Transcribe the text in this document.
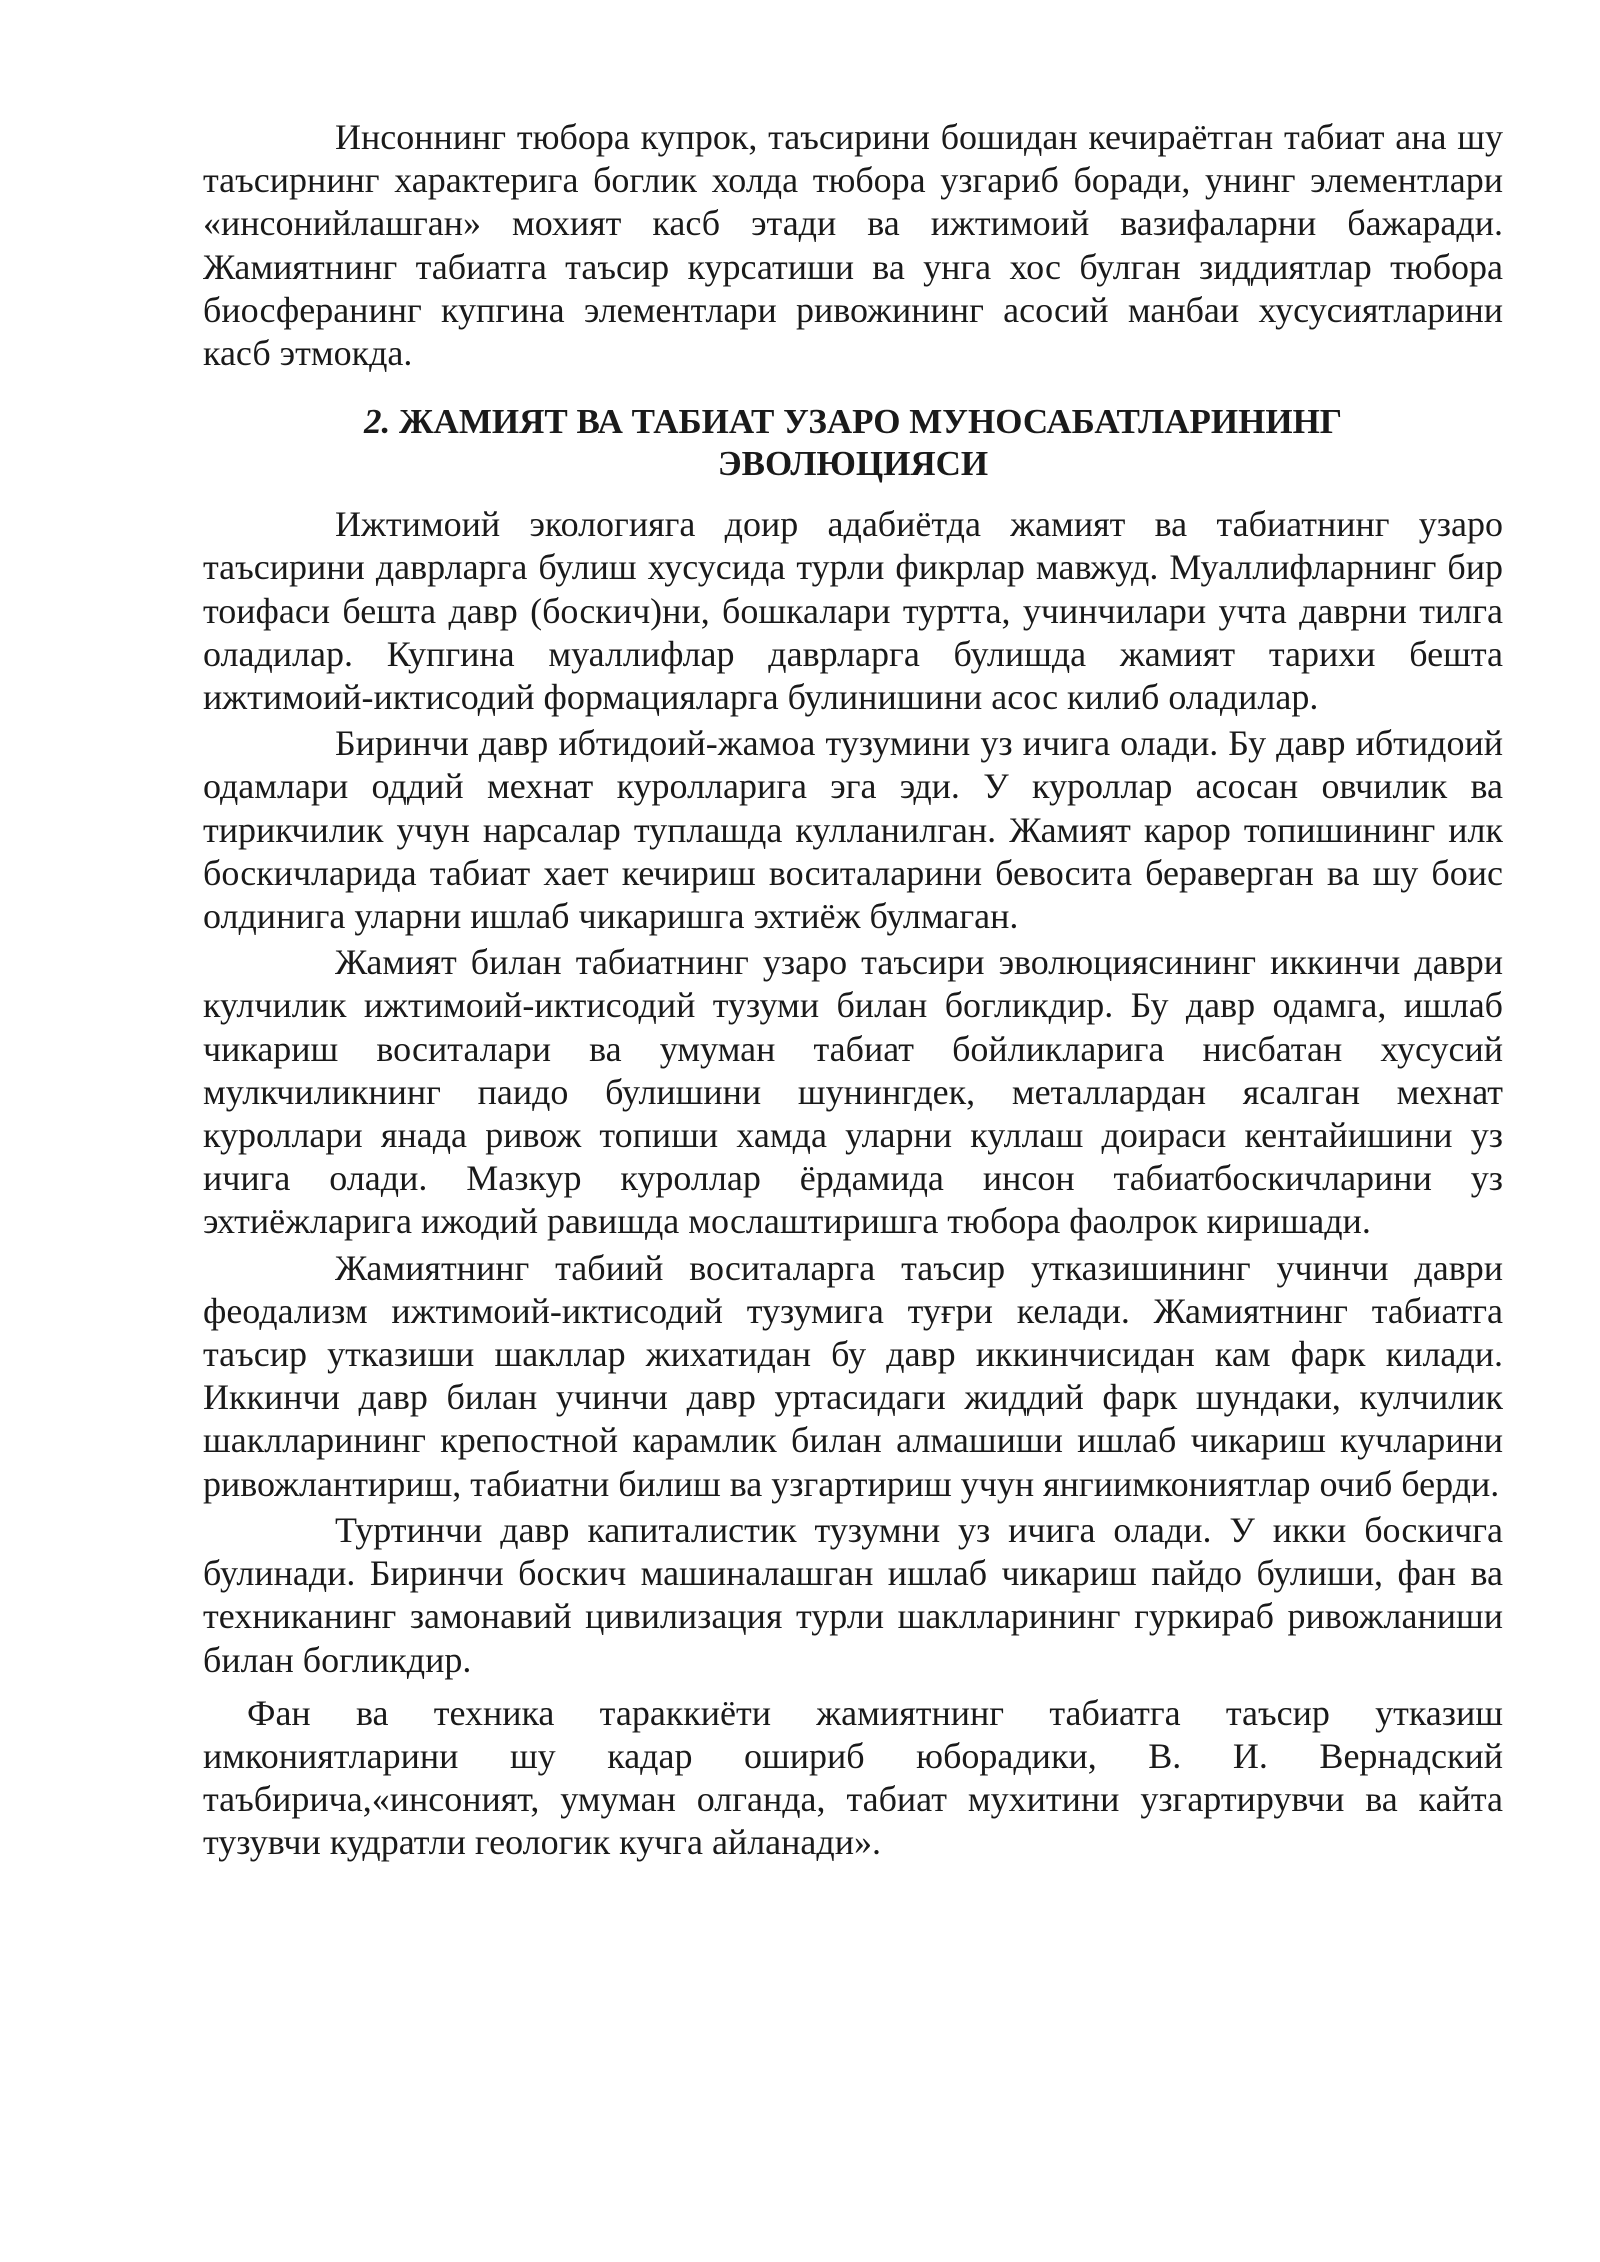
Инсоннинг тюбора купрок, таъсирини бошидан кечираётган табиат ана шу таъсирнинг характерига боглик холда тюбора узгариб боради, унинг элементлари «инсонийлашган» мохият касб этади ва ижтимоий вазифаларни бажаради. Жамиятнинг табиатга таъсир курсатиши ва унга хос булган зиддиятлар тюбора биосферанинг купгина элементлари ривожининг асосий манбаи хусусиятларини касб этмокда.

2. ЖАМИЯТ ВА ТАБИАТ УЗАРО МУНОСАБАТЛАРИНИНГ
ЭВОЛЮЦИЯСИ

Ижтимоий экологияга доир адабиётда жамият ва табиатнинг узаро таъсирини даврларга булиш хусусида турли фикрлар мавжуд. Муаллифларнинг бир тоифаси бешта давр (боскич)ни, бошкалари туртта, учинчилари учта даврни тилга оладилар. Купгина муаллифлар даврларга булишда жамият тарихи бешта ижтимоий-иктисодий формацияларга булинишини асос килиб оладилар.

Биринчи давр ибтидоий-жамоа тузумини уз ичига олади. Бу давр ибтидоий одамлари оддий мехнат куролларига эга эди. У куроллар асосан овчилик ва тирикчилик учун нарсалар туплашда кулланилган. Жамият карор топишининг илк боскичларида табиат хает кечириш воситаларини бевосита бераверган ва шу боис олдинига уларни ишлаб чикаришга эхтиёж булмаган.

Жамият билан табиатнинг узаро таъсири эволюциясининг иккинчи даври кулчилик ижтимоий-иктисодий тузуми билан богликдир. Бу давр одамга, ишлаб чикариш воситалари ва умуман табиат бойликларига нисбатан хусусий мулкчиликнинг паидо булишини шунингдек, металлардан ясалган мехнат куроллари янада ривож топиши хамда уларни куллаш доираси кентайишини уз ичига олади. Мазкур куроллар ёрдамида инсон табиатбоскичларини уз эхтиёжларига ижодий равишда мослаштиришга тюбора фаолрок киришади.

Жамиятнинг табиий воситаларга таъсир утказишининг учинчи даври феодализм ижтимоий-иктисодий тузумига туғри келади. Жамиятнинг табиатга таъсир утказиши шакллар жихатидан бу давр иккинчисидан кам фарк килади. Иккинчи давр билан учинчи давр уртасидаги жиддий фарк шундаки, кулчилик шаклларининг крепостной карамлик билан алмашиши ишлаб чикариш кучларини ривожлантириш, табиатни билиш ва узгартириш учун янгиимкониятлар очиб берди.

Туртинчи давр капиталистик тузумни уз ичига олади. У икки боскичга булинади. Биринчи боскич машиналашган ишлаб чикариш пайдо булиши, фан ва техниканинг замонавий цивилизация турли шаклларининг гуркираб ривожланиши билан богликдир.

Фан ва техника тараккиёти жамиятнинг табиатга таъсир утказиш имкониятларини шу кадар ошириб юборадики, В. И. Вернадский таъбирича,«инсоният, умуман олганда, табиат мухитини узгартирувчи ва кайта тузувчи кудратли геологик кучга айланади».
